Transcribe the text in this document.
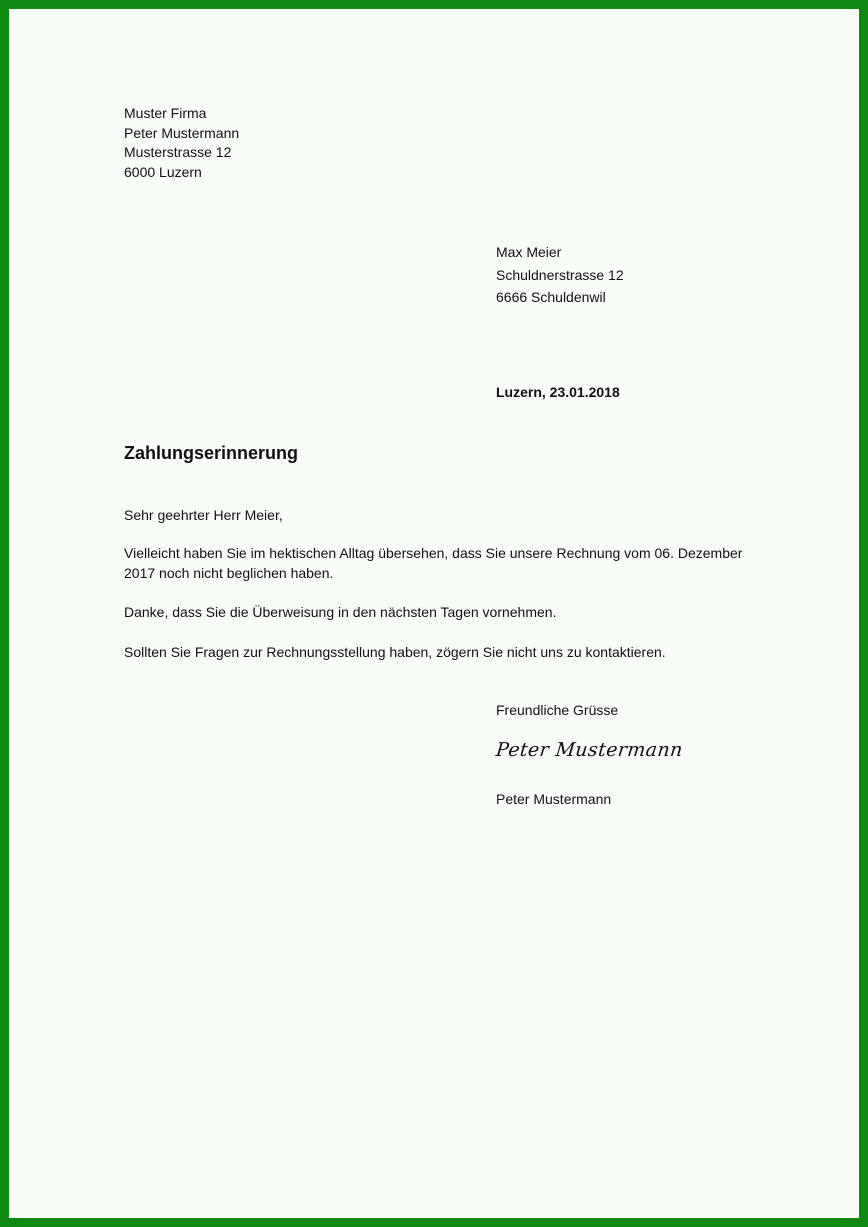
Muster Firma
Peter Mustermann
Musterstrasse 12
6000 Luzern
Max Meier
Schuldnerstrasse 12
6666 Schuldenwil
Luzern, 23.01.2018
Zahlungserinnerung
Sehr geehrter Herr Meier,
Vielleicht haben Sie im hektischen Alltag übersehen, dass Sie unsere Rechnung vom 06. Dezember 2017 noch nicht beglichen haben.
Danke, dass Sie die Überweisung in den nächsten Tagen vornehmen.
Sollten Sie Fragen zur Rechnungsstellung haben, zögern Sie nicht uns zu kontaktieren.
Freundliche Grüsse
Peter Mustermann
Peter Mustermann
